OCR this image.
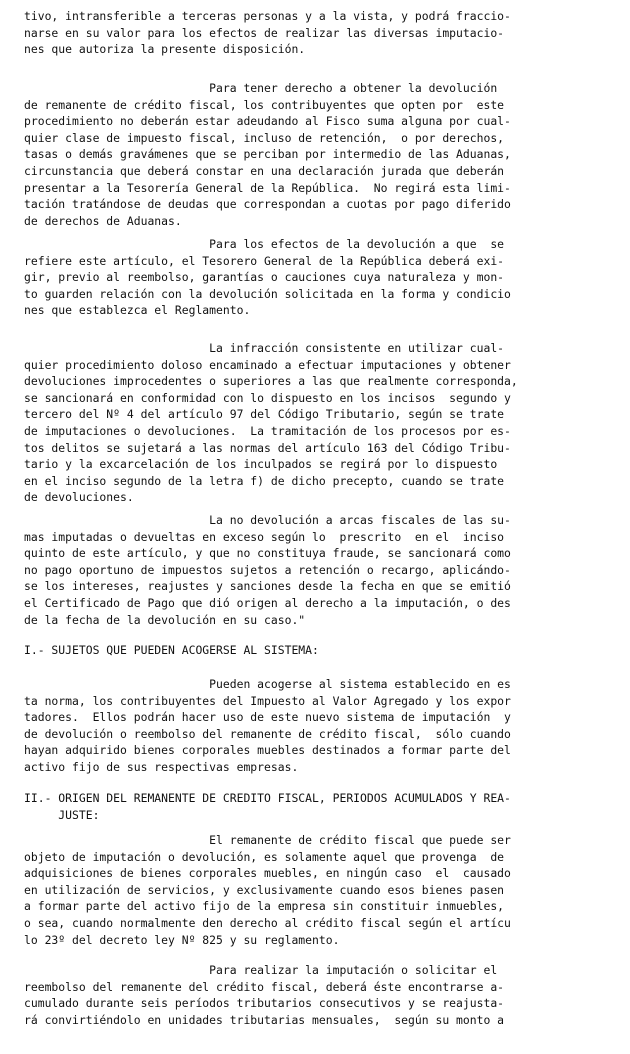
tivo, intransferible a terceras personas y a la vista, y podrá fraccio-
narse en su valor para los efectos de realizar las diversas imputacio-
nes que autoriza la presente disposición.
Para tener derecho a obtener la devolución
de remanente de crédito fiscal, los contribuyentes que opten por  este
procedimiento no deberán estar adeudando al Fisco suma alguna por cual-
quier clase de impuesto fiscal, incluso de retención,  o por derechos,
tasas o demás gravámenes que se perciban por intermedio de las Aduanas,
circunstancia que deberá constar en una declaración jurada que deberán
presentar a la Tesorería General de la República.  No regirá esta limi-
tación tratándose de deudas que correspondan a cuotas por pago diferido
de derechos de Aduanas.
Para los efectos de la devolución a que  se
refiere este artículo, el Tesorero General de la República deberá exi-
gir, previo al reembolso, garantías o cauciones cuya naturaleza y mon-
to guarden relación con la devolución solicitada en la forma y condicio
nes que establezca el Reglamento.
La infracción consistente en utilizar cual-
quier procedimiento doloso encaminado a efectuar imputaciones y obtener
devoluciones improcedentes o superiores a las que realmente corresponda,
se sancionará en conformidad con lo dispuesto en los incisos  segundo y
tercero del Nº 4 del artículo 97 del Código Tributario, según se trate
de imputaciones o devoluciones.  La tramitación de los procesos por es-
tos delitos se sujetará a las normas del artículo 163 del Código Tribu-
tario y la excarcelación de los inculpados se regirá por lo dispuesto
en el inciso segundo de la letra f) de dicho precepto, cuando se trate
de devoluciones.
La no devolución a arcas fiscales de las su-
mas imputadas o devueltas en exceso según lo  prescrito  en el  inciso
quinto de este artículo, y que no constituya fraude, se sancionará como
no pago oportuno de impuestos sujetos a retención o recargo, aplicándo-
se los intereses, reajustes y sanciones desde la fecha en que se emitió
el Certificado de Pago que dió origen al derecho a la imputación, o des
de la fecha de la devolución en su caso."
I.- SUJETOS QUE PUEDEN ACOGERSE AL SISTEMA:
Pueden acogerse al sistema establecido en es
ta norma, los contribuyentes del Impuesto al Valor Agregado y los expor
tadores.  Ellos podrán hacer uso de este nuevo sistema de imputación  y
de devolución o reembolso del remanente de crédito fiscal,  sólo cuando
hayan adquirido bienes corporales muebles destinados a formar parte del
activo fijo de sus respectivas empresas.
II.- ORIGEN DEL REMANENTE DE CREDITO FISCAL, PERIODOS ACUMULADOS Y REA-
JUSTE:
El remanente de crédito fiscal que puede ser
objeto de imputación o devolución, es solamente aquel que provenga  de
adquisiciones de bienes corporales muebles, en ningún caso  el  causado
en utilización de servicios, y exclusivamente cuando esos bienes pasen
a formar parte del activo fijo de la empresa sin constituir inmuebles,
o sea, cuando normalmente den derecho al crédito fiscal según el artícu
lo 23º del decreto ley Nº 825 y su reglamento.
Para realizar la imputación o solicitar el
reembolso del remanente del crédito fiscal, deberá éste encontrarse a-
cumulado durante seis períodos tributarios consecutivos y se reajusta-
rá convirtiéndolo en unidades tributarias mensuales,  según su monto a
